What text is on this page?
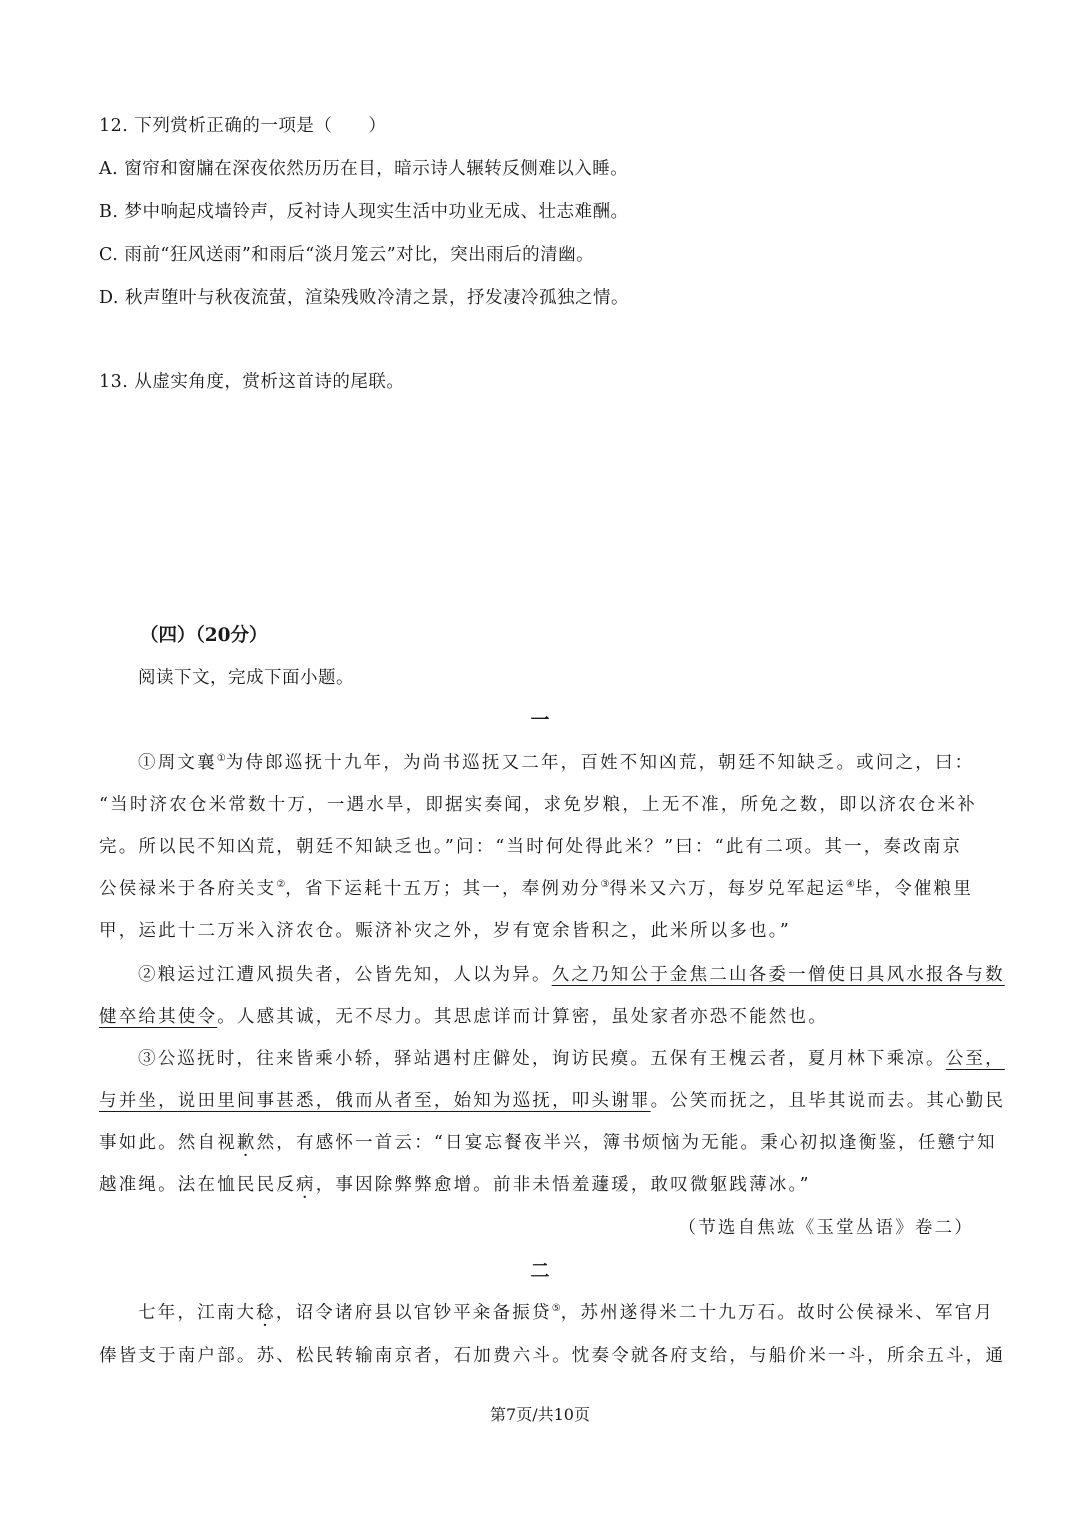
12. 下列赏析正确的一项是（　　）
A. 窗帘和窗牖在深夜依然历历在目，暗示诗人辗转反侧难以入睡。
B. 梦中响起戍墙铃声，反衬诗人现实生活中功业无成、壮志难酬。
C. 雨前“狂风送雨”和雨后“淡月笼云”对比，突出雨后的清幽。
D. 秋声堕叶与秋夜流萤，渲染残败冷清之景，抒发凄冷孤独之情。
13. 从虚实角度，赏析这首诗的尾联。
（四）（20分）
阅读下文，完成下面小题。
一
①周文襄①为侍郎巡抚十九年，为尚书巡抚又二年，百姓不知凶荒，朝廷不知缺乏。或问之，曰：
“当时济农仓米常数十万，一遇水旱，即据实奏闻，求免岁粮，上无不准，所免之数，即以济农仓米补
完。所以民不知凶荒，朝廷不知缺乏也。”问：“当时何处得此米？”曰：“此有二项。其一，奏改南京
公侯禄米于各府关支②，省下运耗十五万；其一，奉例劝分③得米又六万，每岁兑军起运④毕，令催粮里
甲，运此十二万米入济农仓。赈济补灾之外，岁有宽余皆积之，此米所以多也。”
②粮运过江遭风损失者，公皆先知，人以为异。久之乃知公于金焦二山各委一僧使日具风水报各与数
健卒给其使令。人感其诚，无不尽力。其思虑详而计算密，虽处家者亦恐不能然也。
③公巡抚时，往来皆乘小轿，驿站遇村庄僻处，询访民瘼。五保有王槐云者，夏月林下乘凉。公至，
与并坐，说田里间事甚悉，俄而从者至，始知为巡抚，叩头谢罪。公笑而抚之，且毕其说而去。其心勤民
事如此。然自视歉然，有感怀一首云：“日宴忘餐夜半兴，簿书烦恼为无能。秉心初拟逢衡鉴，任戆宁知
越准绳。法在恤民民反病，事因除弊弊愈增。前非未悟羞蘧瑗，敢叹微躯践薄冰。”
（节选自焦竑《玉堂丛语》卷二）
二
七年，江南大稔，诏令诸府县以官钞平籴备振贷⑤，苏州遂得米二十九万石。故时公侯禄米、军官月
俸皆支于南户部。苏、松民转输南京者，石加费六斗。忱奏令就各府支给，与船价米一斗，所余五斗，通
第7页/共10页
